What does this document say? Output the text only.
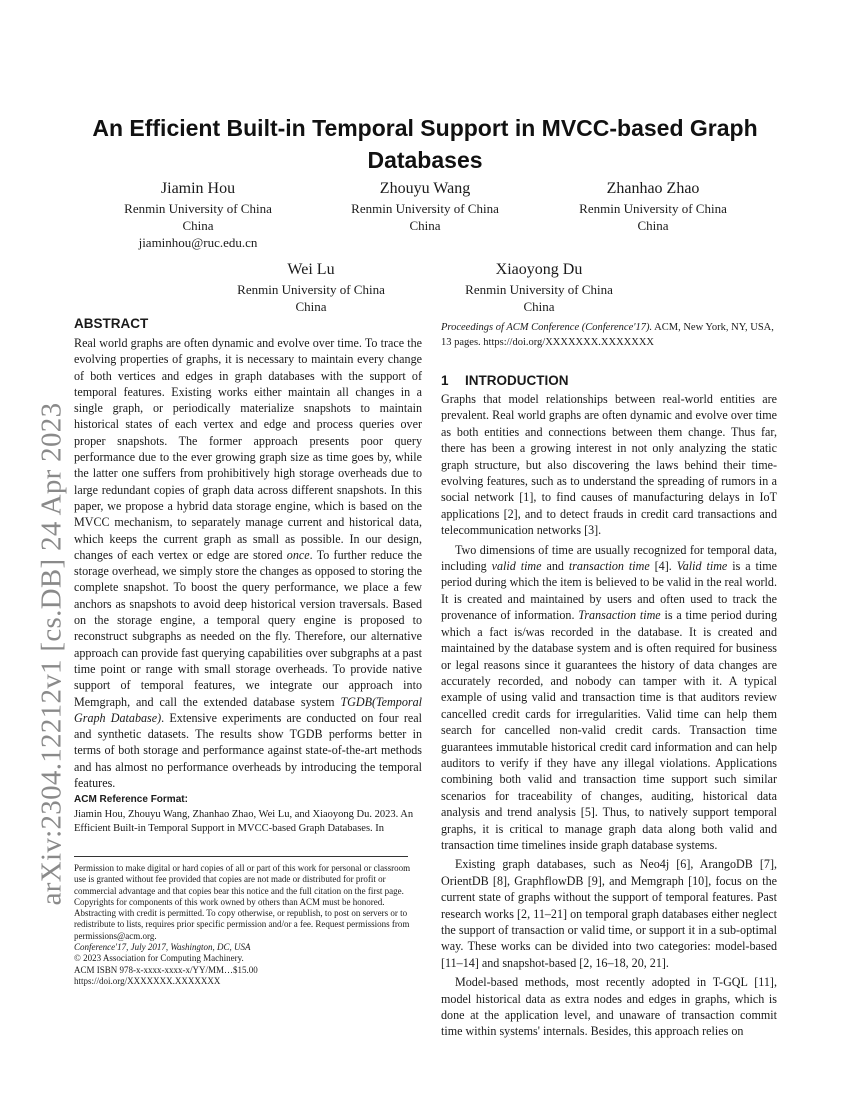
arXiv:2304.12212v1 [cs.DB] 24 Apr 2023
An Efficient Built-in Temporal Support in MVCC-based Graph Databases
Jiamin Hou
Renmin University of China
China
jiaminhou@ruc.edu.cn
Zhouyu Wang
Renmin University of China
China
Zhanhao Zhao
Renmin University of China
China
Wei Lu
Renmin University of China
China
Xiaoyong Du
Renmin University of China
China
ABSTRACT
Real world graphs are often dynamic and evolve over time. To trace the evolving properties of graphs, it is necessary to maintain every change of both vertices and edges in graph databases with the support of temporal features. Existing works either maintain all changes in a single graph, or periodically materialize snapshots to maintain historical states of each vertex and edge and process queries over proper snapshots. The former approach presents poor query performance due to the ever growing graph size as time goes by, while the latter one suffers from prohibitively high storage overheads due to large redundant copies of graph data across different snapshots. In this paper, we propose a hybrid data storage engine, which is based on the MVCC mechanism, to separately manage current and historical data, which keeps the current graph as small as possible. In our design, changes of each vertex or edge are stored once. To further reduce the storage overhead, we simply store the changes as opposed to storing the complete snapshot. To boost the query performance, we place a few anchors as snapshots to avoid deep historical version traversals. Based on the storage engine, a temporal query engine is proposed to reconstruct subgraphs as needed on the fly. Therefore, our alternative approach can provide fast querying capabilities over subgraphs at a past time point or range with small storage overheads. To provide native support of temporal features, we integrate our approach into Memgraph, and call the extended database system TGDB(Temporal Graph Database). Extensive experiments are conducted on four real and synthetic datasets. The results show TGDB performs better in terms of both storage and performance against state-of-the-art methods and has almost no performance overheads by introducing the temporal features.
ACM Reference Format:
Jiamin Hou, Zhouyu Wang, Zhanhao Zhao, Wei Lu, and Xiaoyong Du. 2023. An Efficient Built-in Temporal Support in MVCC-based Graph Databases. In

Permission to make digital or hard copies of all or part of this work for personal or classroom use is granted without fee provided that copies are not made or distributed for profit or commercial advantage and that copies bear this notice and the full citation on the first page. Copyrights for components of this work owned by others than ACM must be honored. Abstracting with credit is permitted. To copy otherwise, or republish, to post on servers or to redistribute to lists, requires prior specific permission and/or a fee. Request permissions from permissions@acm.org.

Conference'17, July 2017, Washington, DC, USA

© 2023 Association for Computing Machinery.

ACM ISBN 978-x-xxxx-xxxx-x/YY/MM…$15.00

https://doi.org/XXXXXXX.XXXXXXX

Proceedings of ACM Conference (Conference'17). ACM, New York, NY, USA, 13 pages. https://doi.org/XXXXXXX.XXXXXXX
1 INTRODUCTION

Graphs that model relationships between real-world entities are prevalent. Real world graphs are often dynamic and evolve over time as both entities and connections between them change. Thus far, there has been a growing interest in not only analyzing the static graph structure, but also discovering the laws behind their time-evolving features, such as to understand the spreading of rumors in a social network [1], to find causes of manufacturing delays in IoT applications [2], and to detect frauds in credit card transactions and telecommunication networks [3].

Two dimensions of time are usually recognized for temporal data, including valid time and transaction time [4]. Valid time is a time period during which the item is believed to be valid in the real world. It is created and maintained by users and often used to track the provenance of information. Transaction time is a time period during which a fact is/was recorded in the database. It is created and maintained by the database system and is often required for business or legal reasons since it guarantees the history of data changes are accurately recorded, and nobody can tamper with it. A typical example of using valid and transaction time is that auditors review cancelled credit cards for irregularities. Valid time can help them search for cancelled non-valid credit cards. Transaction time guarantees immutable historical credit card information and can help auditors to verify if they have any illegal violations. Applications combining both valid and transaction time support such similar scenarios for traceability of changes, auditing, historical data analysis and trend analysis [5]. Thus, to natively support temporal graphs, it is critical to manage graph data along both valid and transaction time timelines inside graph database systems.

Existing graph databases, such as Neo4j [6], ArangoDB [7], OrientDB [8], GraphflowDB [9], and Memgraph [10], focus on the current state of graphs without the support of temporal features. Past research works [2, 11–21] on temporal graph databases either neglect the support of transaction or valid time, or support it in a sub-optimal way. These works can be divided into two categories: model-based [11–14] and snapshot-based [2, 16–18, 20, 21].

Model-based methods, most recently adopted in T-GQL [11], model historical data as extra nodes and edges in graphs, which is done at the application level, and unaware of transaction commit time within systems' internals. Besides, this approach relies on
